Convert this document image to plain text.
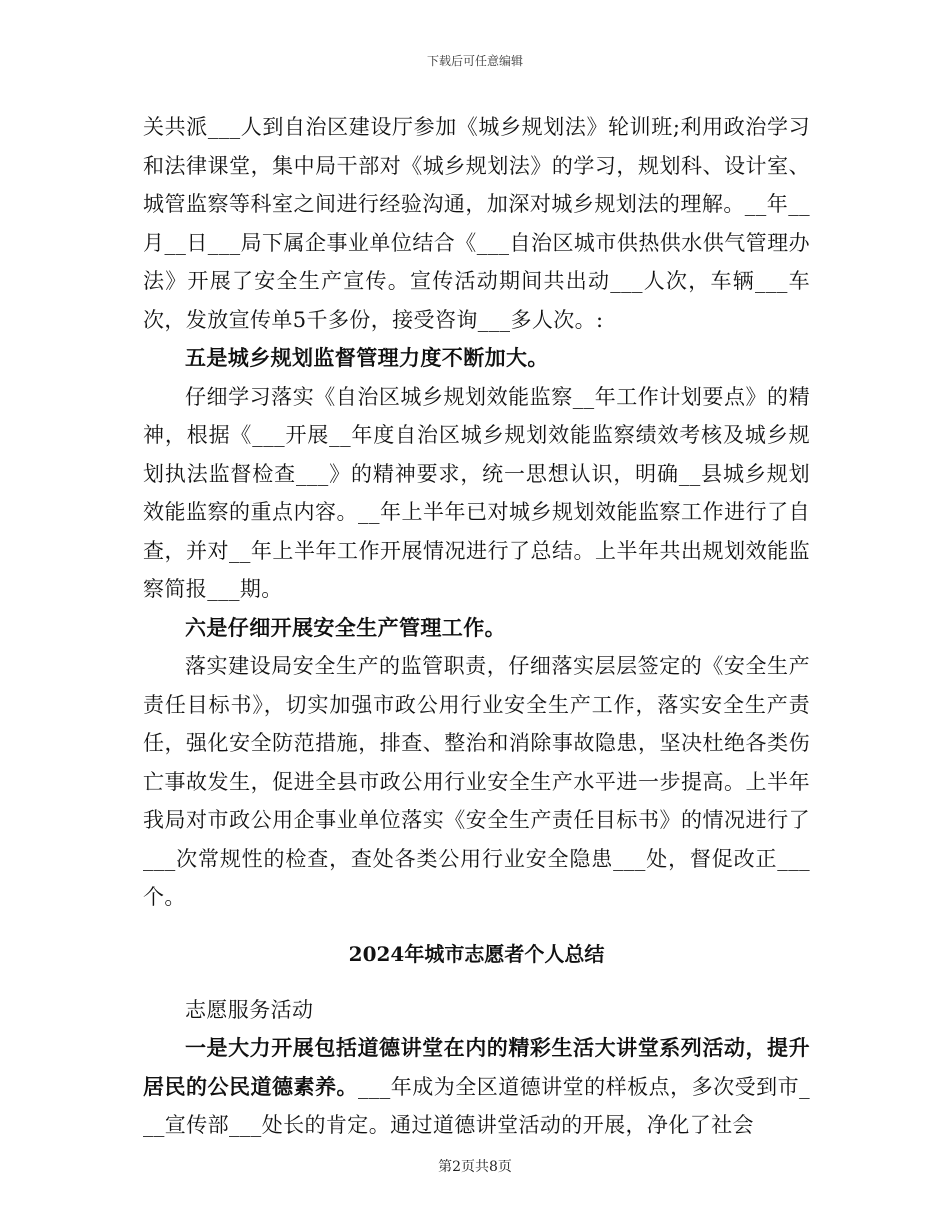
下载后可任意编辑

关共派___人到自治区建设厅参加《城乡规划法》轮训班;利用政治学习和法律课堂，集中局干部对《城乡规划法》的学习，规划科、设计室、城管监察等科室之间进行经验沟通，加深对城乡规划法的理解。__年__月__日___局下属企事业单位结合《___自治区城市供热供水供气管理办法》开展了安全生产宣传。宣传活动期间共出动___人次，车辆___车次，发放宣传单5千多份，接受咨询___多人次。:

五是城乡规划监督管理力度不断加大。

仔细学习落实《自治区城乡规划效能监察__年工作计划要点》的精神，根据《___开展__年度自治区城乡规划效能监察绩效考核及城乡规划执法监督检查___》的精神要求，统一思想认识，明确__县城乡规划效能监察的重点内容。__年上半年已对城乡规划效能监察工作进行了自查，并对__年上半年工作开展情况进行了总结。上半年共出规划效能监察简报___期。

六是仔细开展安全生产管理工作。

落实建设局安全生产的监管职责，仔细落实层层签定的《安全生产责任目标书》，切实加强市政公用行业安全生产工作，落实安全生产责任，强化安全防范措施，排查、整治和消除事故隐患，坚决杜绝各类伤亡事故发生，促进全县市政公用行业安全生产水平进一步提高。上半年我局对市政公用企事业单位落实《安全生产责任目标书》的情况进行了___次常规性的检查，查处各类公用行业安全隐患___处，督促改正___个。

2024年城市志愿者个人总结

志愿服务活动

一是大力开展包括道德讲堂在内的精彩生活大讲堂系列活动，提升居民的公民道德素养。___年成为全区道德讲堂的样板点，多次受到市___宣传部___处长的肯定。通过道德讲堂活动的开展，净化了社会

第2页共8页
